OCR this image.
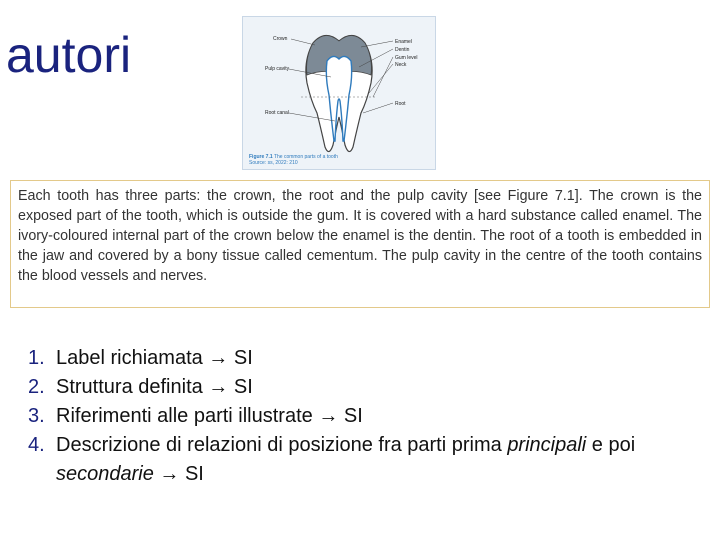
autori	Crown	Enamel
Dentin
Gum level
Neck
Pulp cavity
Root
Root canal
Figure 7.1 The common parts of a tooth
Source: ss, 2022: 210
Each tooth has three parts: the crown, the root and the pulp cavity [see Figure 7.1]. The crown is the exposed part of the tooth, which is outside the gum. It is covered with a hard substance called enamel. The ivory-coloured internal part of the crown below the enamel is the dentin. The root of a tooth is embedded in the jaw and covered by a bony tissue called cementum. The pulp cavity in the centre of the tooth contains the blood vessels and nerves.
1. Label richiamata → SI
2. Struttura definita → SI
3. Riferimenti alle parti illustrate → SI
4. Descrizione di relazioni di posizione fra parti prima principali e poi secondarie → SI
